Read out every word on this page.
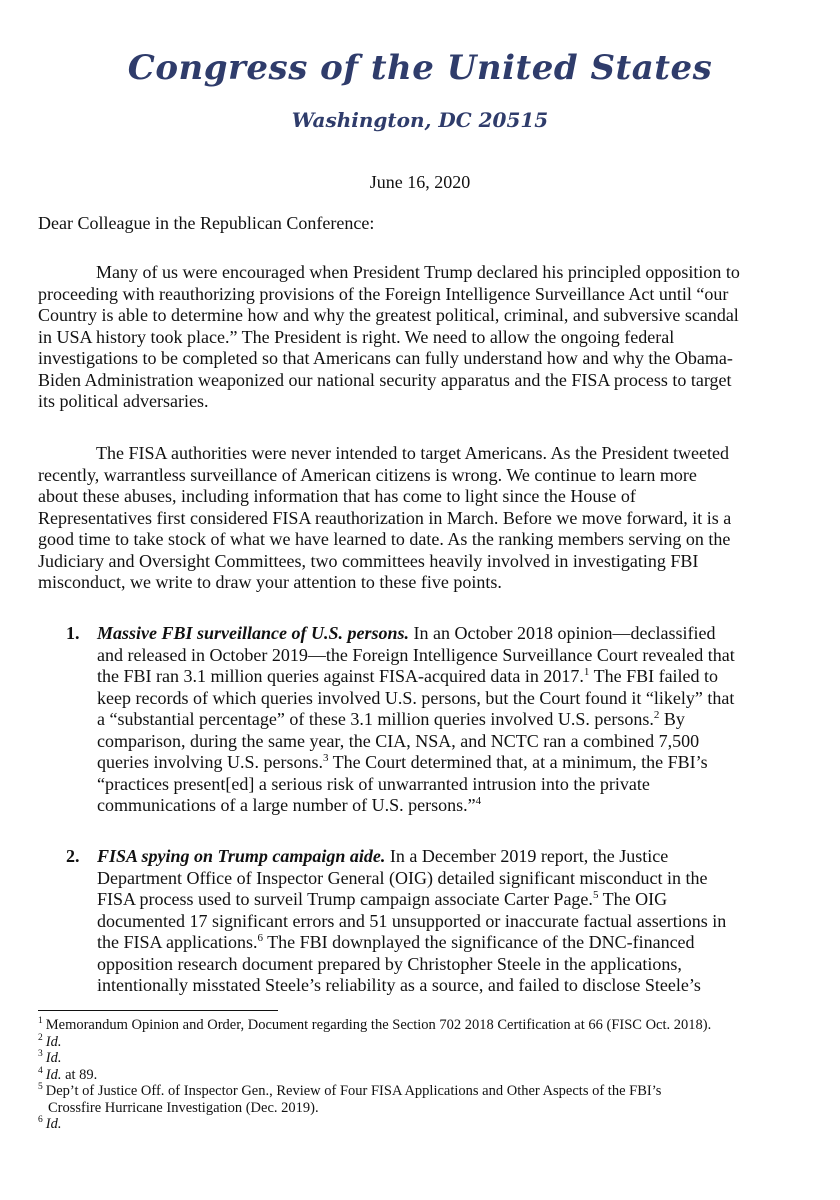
Congress of the United States
Washington, DC 20515
June 16, 2020
Dear Colleague in the Republican Conference:

Many of us were encouraged when President Trump declared his principled opposition to
proceeding with reauthorizing provisions of the Foreign Intelligence Surveillance Act until “our
Country is able to determine how and why the greatest political, criminal, and subversive scandal
in USA history took place.” The President is right. We need to allow the ongoing federal
investigations to be completed so that Americans can fully understand how and why the Obama-
Biden Administration weaponized our national security apparatus and the FISA process to target
its political adversaries.

The FISA authorities were never intended to target Americans. As the President tweeted
recently, warrantless surveillance of American citizens is wrong. We continue to learn more
about these abuses, including information that has come to light since the House of
Representatives first considered FISA reauthorization in March. Before we move forward, it is a
good time to take stock of what we have learned to date. As the ranking members serving on the
Judiciary and Oversight Committees, two committees heavily involved in investigating FBI
misconduct, we write to draw your attention to these five points.

1. Massive FBI surveillance of U.S. persons. In an October 2018 opinion—declassified
and released in October 2019—the Foreign Intelligence Surveillance Court revealed that
the FBI ran 3.1 million queries against FISA-acquired data in 2017.$^1$ The FBI failed to
keep records of which queries involved U.S. persons, but the Court found it “likely” that
a “substantial percentage” of these 3.1 million queries involved U.S. persons.$^2$ By
comparison, during the same year, the CIA, NSA, and NCTC ran a combined 7,500
queries involving U.S. persons.$^3$ The Court determined that, at a minimum, the FBI’s
“practices present[ed] a serious risk of unwarranted intrusion into the private
communications of a large number of U.S. persons.”$^4$
2. FISA spying on Trump campaign aide. In a December 2019 report, the Justice
Department Office of Inspector General (OIG) detailed significant misconduct in the
FISA process used to surveil Trump campaign associate Carter Page.$^5$ The OIG
documented 17 significant errors and 51 unsupported or inaccurate factual assertions in
the FISA applications.$^6$ The FBI downplayed the significance of the DNC-financed
opposition research document prepared by Christopher Steele in the applications,
intentionally misstated Steele’s reliability as a source, and failed to disclose Steele’s

$^1$ Memorandum Opinion and Order, Document regarding the Section 702 2018 Certification at 66 (FISC Oct. 2018).

$^2$ Id.

$^3$ Id.

$^4$ Id. at 89.

$^5$ Dep’t of Justice Off. of Inspector Gen., Review of Four FISA Applications and Other Aspects of the FBI’s
Crossfire Hurricane Investigation (Dec. 2019).

$^6$ Id.
